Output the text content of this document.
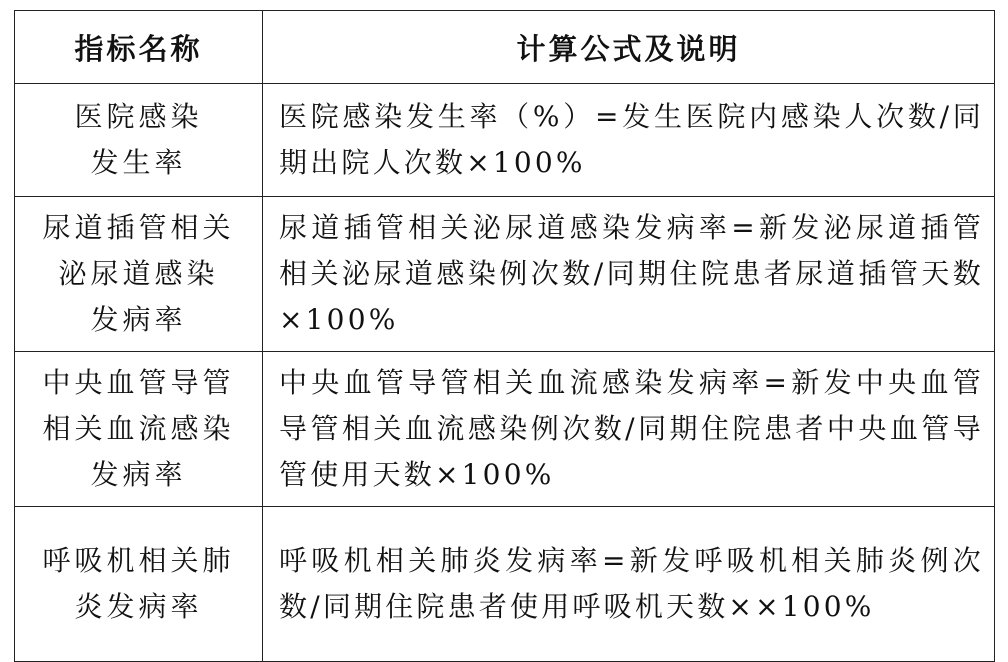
指标名称	计算公式及说明

医院感染
发生率	医院感染发生率（%）=发生医院内感染人次数/同期出院人次数×100%

尿道插管相关
泌尿道感染
发病率	尿道插管相关泌尿道感染发病率=新发泌尿道插管相关泌尿道感染例次数/同期住院患者尿道插管天数×100%

中央血管导管
相关血流感染
发病率	中央血管导管相关血流感染发病率=新发中央血管导管相关血流感染例次数/同期住院患者中央血管导管使用天数×100%

呼吸机相关肺
炎发病率	呼吸机相关肺炎发病率=新发呼吸机相关肺炎例次数/同期住院患者使用呼吸机天数××100%
